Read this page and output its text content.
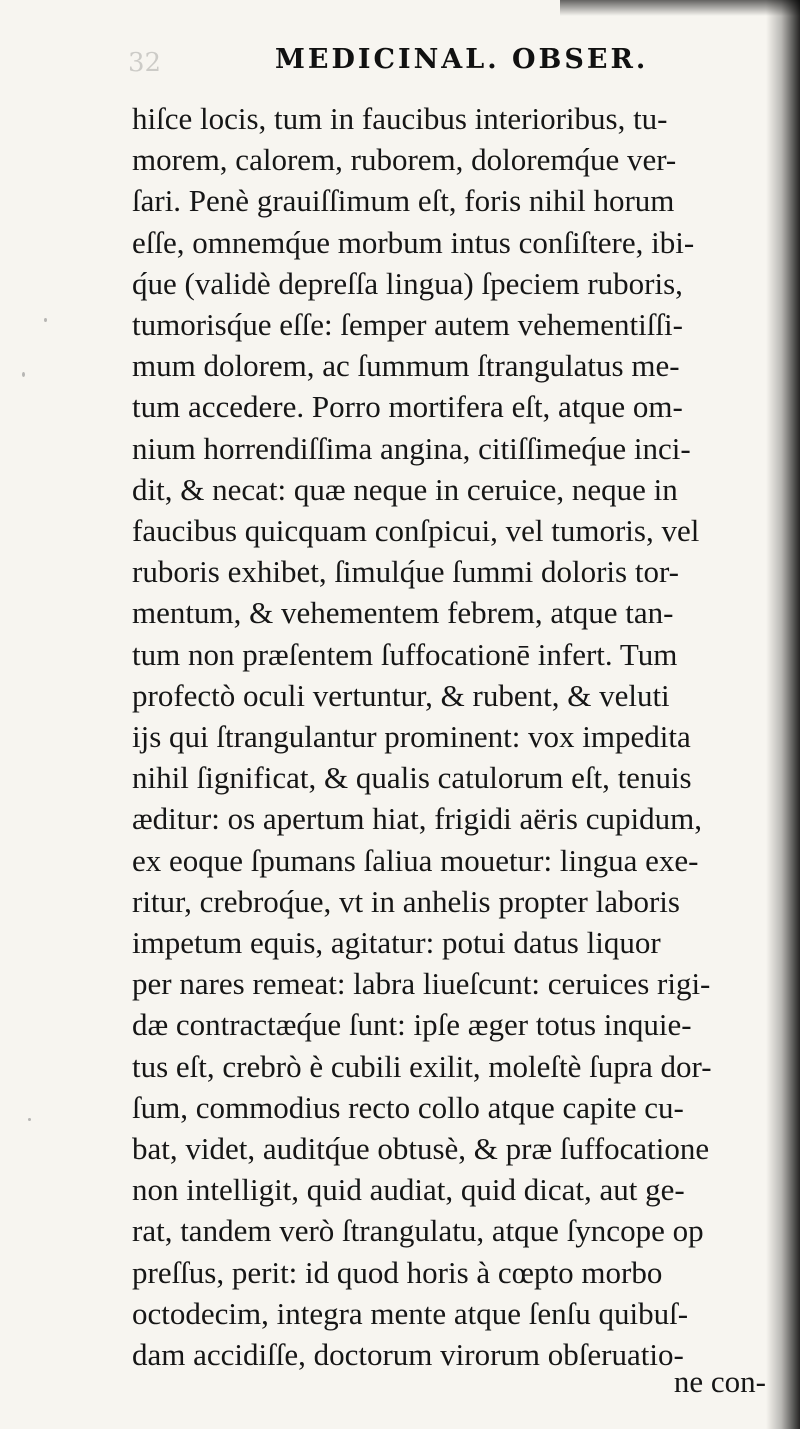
32	MEDICINAL. OBSER.
hiſce locis, tum in faucibus interioribus, tu-
morem, calorem, ruborem, doloremq́ue ver-
ſari. Penè grauiſſimum eſt, foris nihil horum
eſſe, omnemq́ue morbum intus conſiſtere, ibi-
q́ue (validè depreſſa lingua) ſpeciem ruboris,
tumorisq́ue eſſe: ſemper autem vehementiſſi-
mum dolorem, ac ſummum ſtrangulatus me-
tum accedere. Porro mortifera eſt, atque om-
nium horrendiſſima angina, citiſſimeq́ue inci-
dit, & necat: quæ neque in ceruice, neque in
faucibus quicquam conſpicui, vel tumoris, vel
ruboris exhibet, ſimulq́ue ſummi doloris tor-
mentum, & vehementem febrem, atque tan-
tum non præſentem ſuffocationē infert. Tum
profectò oculi vertuntur, & rubent, & veluti
ijs qui ſtrangulantur prominent: vox impedita
nihil ſignificat, & qualis catulorum eſt, tenuis
æditur: os apertum hiat, frigidi aëris cupidum,
ex eoque ſpumans ſaliua mouetur: lingua exe-
ritur, crebroq́ue, vt in anhelis propter laboris
impetum equis, agitatur: potui datus liquor
per nares remeat: labra liueſcunt: ceruices rigi-
dæ contractæq́ue ſunt: ipſe æger totus inquie-
tus eſt, crebrò è cubili exilit, moleſtè ſupra dor-
ſum, commodius recto collo atque capite cu-
bat, videt, auditq́ue obtusè, & præ ſuffocatione
non intelligit, quid audiat, quid dicat, aut ge-
rat, tandem verò ſtrangulatu, atque ſyncope op
preſſus, perit: id quod horis à cœpto morbo
octodecim, integra mente atque ſenſu quibuſ-
dam accidiſſe, doctorum virorum obſeruatio-
ne con-
